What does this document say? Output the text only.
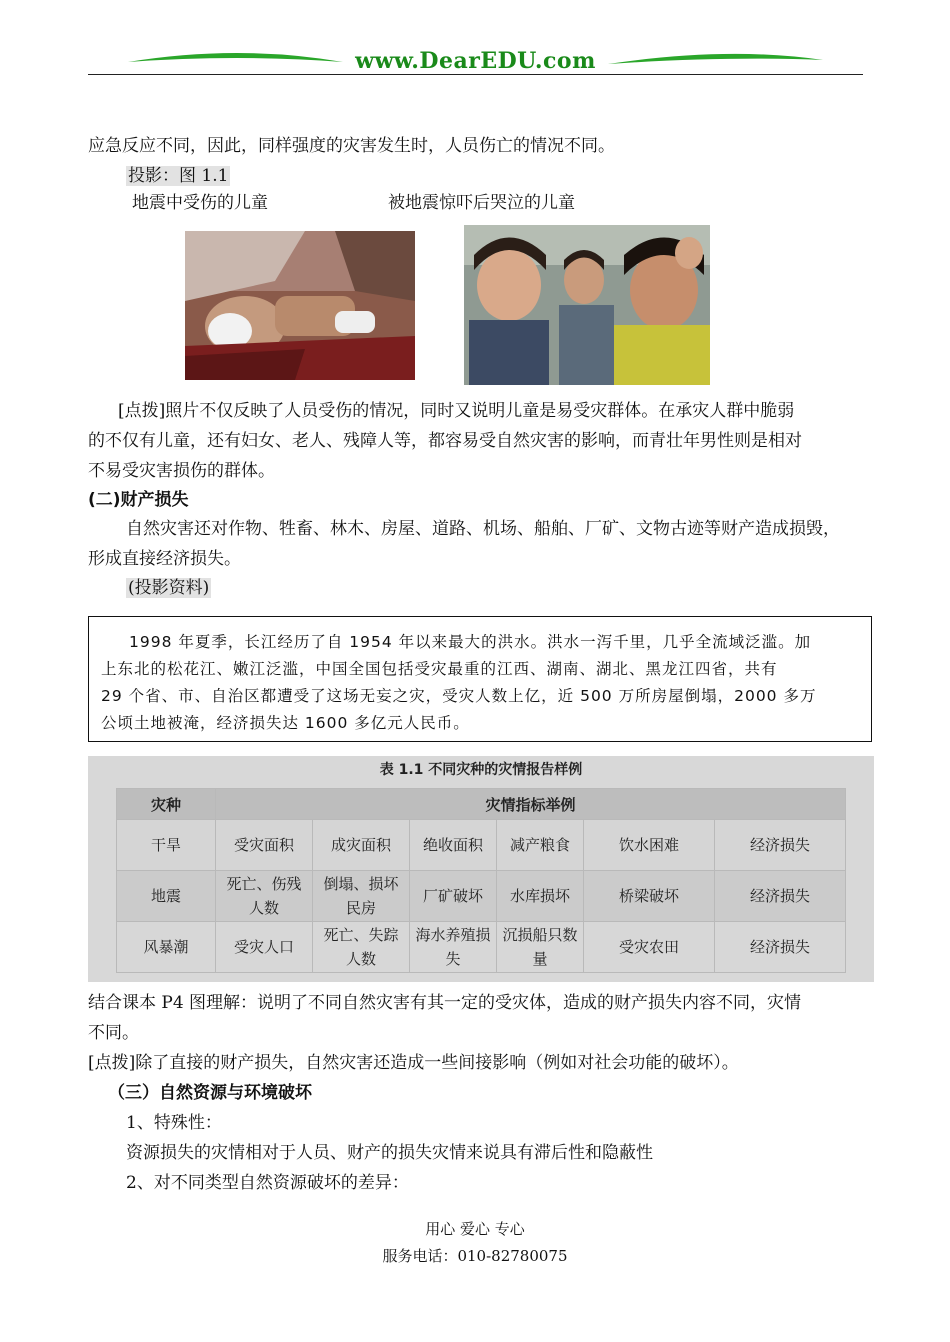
www.DearEDU.com
应急反应不同，因此，同样强度的灾害发生时，人员伤亡的情况不同。
投影：图 1.1
地震中受伤的儿童	被地震惊吓后哭泣的儿童
[点拨]照片不仅反映了人员受伤的情况，同时又说明儿童是易受灾群体。在承灾人群中脆弱
的不仅有儿童，还有妇女、老人、残障人等，都容易受自然灾害的影响，而青壮年男性则是相对
不易受灾害损伤的群体。
(二)财产损失
自然灾害还对作物、牲畜、林木、房屋、道路、机场、船舶、厂矿、文物古迹等财产造成损毁，
形成直接经济损失。
(投影资料)
1998 年夏季，长江经历了自 1954 年以来最大的洪水。洪水一泻千里，几乎全流域泛滥。加
上东北的松花江、嫩江泛滥，中国全国包括受灾最重的江西、湖南、湖北、黑龙江四省，共有
29 个省、市、自治区都遭受了这场无妄之灾，受灾人数上亿，近 500 万所房屋倒塌，2000 多万
公顷土地被淹，经济损失达 1600 多亿元人民币。
表 1.1 不同灾种的灾情报告样例
灾种	灾情指标举例					
干旱	受灾面积	成灾面积	绝收面积	减产粮食	饮水困难	经济损失
地震	死亡、伤残人数	倒塌、损坏民房	厂矿破坏	水库损坏	桥梁破坏	经济损失
风暴潮	受灾人口	死亡、失踪人数	海水养殖损失	沉损船只数量	受灾农田	经济损失
结合课本 P4 图理解：说明了不同自然灾害有其一定的受灾体，造成的财产损失内容不同，灾情
不同。
[点拨]除了直接的财产损失，自然灾害还造成一些间接影响（例如对社会功能的破坏）。
（三）自然资源与环境破坏
1、特殊性：
资源损失的灾情相对于人员、财产的损失灾情来说具有滞后性和隐蔽性
2、对不同类型自然资源破坏的差异：
用心 爱心 专心
服务电话：010-82780075
